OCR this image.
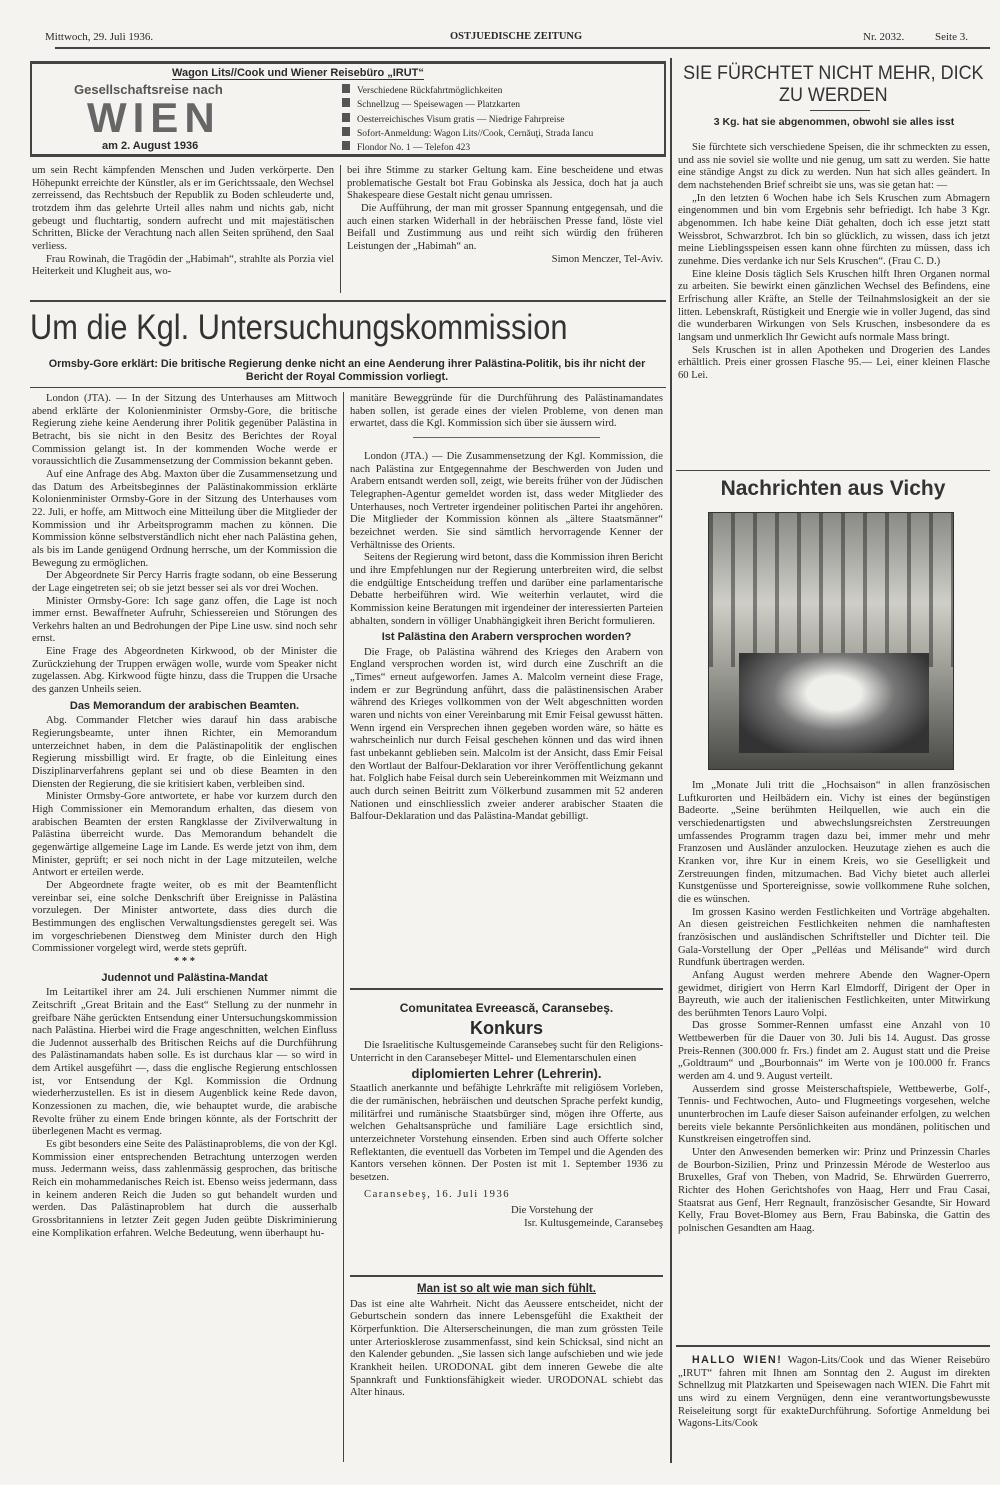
Mittwoch, 29. Juli 1936.	OSTJUEDISCHE ZEITUNG	Nr. 2032.	Seite 3.
Wagon Lits//Cook und Wiener Reisebüro „IRUT“
Gesellschaftsreise nach
WIEN
am 2. August 1936
Verschiedene Rückfahrtmöglichkeiten
Schnellzug — Speisewagen — Platzkarten
Oesterreichisches Visum gratis — Niedrige Fahrpreise
Sofort-Anmeldung: Wagon Lits//Cook, Cernăuţi, Strada Iancu
Flondor No. 1 — Telefon 423

um sein Recht kämpfenden Menschen und Juden verkörperte. Den Höhepunkt erreichte der Künstler, als er im Gerichtssaale, den Wechsel zerreissend, das Rechtsbuch der Republik zu Boden schleuderte und, trotzdem ihm das gelehrte Urteil alles nahm und nichts gab, nicht gebeugt und fluchtartig, sondern aufrecht und mit majestätischen Schritten, Blicke der Verachtung nach allen Seiten sprühend, den Saal verliess.

Frau Rowinah, die Tragödin der „Habimah“, strahlte als Porzia viel Heiterkeit und Klugheit aus, wo-

bei ihre Stimme zu starker Geltung kam. Eine bescheidene und etwas problematische Gestalt bot Frau Gobinska als Jessica, doch hat ja auch Shakespeare diese Gestalt nicht genau umrissen.

Die Aufführung, der man mit grosser Spannung entgegensah, und die auch einen starken Widerhall in der hebräischen Presse fand, löste viel Beifall und Zustimmung aus und reiht sich würdig den früheren Leistungen der „Habimah“ an.

Simon Menczer, Tel-Aviv.

Um die Kgl. Untersuchungskommission
Ormsby-Gore erklärt: Die britische Regierung denke nicht an eine Aenderung ihrer Palästina-Politik, bis ihr nicht der Bericht der Royal Commission vorliegt.

London (JTA). — In der Sitzung des Unterhauses am Mittwoch abend erklärte der Kolonienminister Ormsby-Gore, die britische Regierung ziehe keine Aenderung ihrer Politik gegenüber Palästina in Betracht, bis sie nicht in den Besitz des Berichtes der Royal Commission gelangt ist. In der kommenden Woche werde er voraussichtlich die Zusammensetzung der Commission bekannt geben.

Auf eine Anfrage des Abg. Maxton über die Zusammensetzung und das Datum des Arbeitsbeginnes der Palästinakommission erklärte Kolonienminister Ormsby-Gore in der Sitzung des Unterhauses vom 22. Juli, er hoffe, am Mittwoch eine Mitteilung über die Mitglieder der Kommission und ihr Arbeitsprogramm machen zu können. Die Kommission könne selbstverständlich nicht eher nach Palästina gehen, als bis im Lande genügend Ordnung herrsche, um der Kommission die Bewegung zu ermöglichen.

Der Abgeordnete Sir Percy Harris fragte sodann, ob eine Besserung der Lage eingetreten sei; ob sie jetzt besser sei als vor drei Wochen.

Minister Ormsby-Gore: Ich sage ganz offen, die Lage ist noch immer ernst. Bewaffneter Aufruhr, Schiessereien und Störungen des Verkehrs halten an und Bedrohungen der Pipe Line usw. sind noch sehr ernst.

Eine Frage des Abgeordneten Kirkwood, ob der Minister die Zurückziehung der Truppen erwägen wolle, wurde vom Speaker nicht zugelassen. Abg. Kirkwood fügte hinzu, dass die Truppen die Ursache des ganzen Unheils seien.

Das Memorandum der arabischen Beamten.

Abg. Commander Fletcher wies darauf hin dass arabische Regierungsbeamte, unter ihnen Richter, ein Memorandum unterzeichnet haben, in dem die Palästinapolitik der englischen Regierung missbilligt wird. Er fragte, ob die Einleitung eines Disziplinarverfahrens geplant sei und ob diese Beamten in den Diensten der Regierung, die sie kritisiert kaben, verbleiben sind.

Minister Ormsby-Gore antwortete, er habe vor kurzem durch den High Commissioner ein Memorandum erhalten, das diesem von arabischen Beamten der ersten Rangklasse der Zivilverwaltung in Palästina überreicht wurde. Das Memorandum behandelt die gegenwärtige allgemeine Lage im Lande. Es werde jetzt von ihm, dem Minister, geprüft; er sei noch nicht in der Lage mitzuteilen, welche Antwort er erteilen werde.

Der Abgeordnete fragte weiter, ob es mit der Beamtenflicht vereinbar sei, eine solche Denkschrift über Ereignisse in Palästina vorzulegen. Der Minister antwortete, dass dies durch die Bestimmungen des englischen Verwaltungsdienstes geregelt sei. Was im vorgeschriebenen Dienstweg dem Minister durch den High Commissioner vorgelegt wird, werde stets geprüft.

* * *
Judennot und Palästina-Mandat

Im Leitartikel ihrer am 24. Juli erschienen Nummer nimmt die Zeitschrift „Great Britain and the East“ Stellung zu der nunmehr in greifbare Nähe gerückten Entsendung einer Untersuchungskommission nach Palästina. Hierbei wird die Frage angeschnitten, welchen Einfluss die Judennot ausserhalb des Britischen Reichs auf die Durchführung des Palästinamandats haben solle. Es ist durchaus klar — so wird in dem Artikel ausgeführt —, dass die englische Regierung entschlossen ist, vor Entsendung der Kgl. Kommission die Ordnung wiederherzustellen. Es ist in diesem Augenblick keine Rede davon, Konzessionen zu machen, die, wie behauptet wurde, die arabische Revolte früher zu einem Ende bringen könnte, als der Fortschritt der überlegenen Macht es vermag.

Es gibt besonders eine Seite des Palästinaproblems, die von der Kgl. Kommission einer entsprechenden Betrachtung unterzogen werden muss. Jedermann weiss, dass zahlenmässig gesprochen, das britische Reich ein mohammedanisches Reich ist. Ebenso weiss jedermann, dass in keinem anderen Reich die Juden so gut behandelt wurden und werden. Das Palästinaproblem hat durch die ausserhalb Grossbritanniens in letzter Zeit gegen Juden geübte Diskriminierung eine Komplikation erfahren. Welche Bedeutung, wenn überhaupt hu-

manitäre Beweggründe für die Durchführung des Palästinamandates haben sollen, ist gerade eines der vielen Probleme, von denen man erwartet, dass die Kgl. Kommission sich über sie äussern wird.

London (JTA.) — Die Zusammensetzung der Kgl. Kommission, die nach Palästina zur Entgegennahme der Beschwerden von Juden und Arabern entsandt werden soll, zeigt, wie bereits früher von der Jüdischen Telegraphen-Agentur gemeldet worden ist, dass weder Mitglieder des Unterhauses, noch Vertreter irgendeiner politischen Partei ihr angehören. Die Mitglieder der Kommission können als „ältere Staatsmänner“ bezeichnet werden. Sie sind sämtlich hervorragende Kenner der Verhältnisse des Orients.

Seitens der Regierung wird betont, dass die Kommission ihren Bericht und ihre Empfehlungen nur der Regierung unterbreiten wird, die selbst die endgültige Entscheidung treffen und darüber eine parlamentarische Debatte herbeiführen wird. Wie weiterhin verlautet, wird die Kommission keine Beratungen mit irgendeiner der interessierten Parteien abhalten, sondern in völliger Unabhängigkeit ihren Bericht formulieren.

Ist Palästina den Arabern versprochen worden?

Die Frage, ob Palästina während des Krieges den Arabern von England versprochen worden ist, wird durch eine Zuschrift an die „Times“ erneut aufgeworfen. James A. Malcolm verneint diese Frage, indem er zur Begründung anführt, dass die palästinensischen Araber während des Krieges vollkommen von der Welt abgeschnitten worden waren und nichts von einer Vereinbarung mit Emir Feisal gewusst hätten. Wenn irgend ein Versprechen ihnen gegeben worden wäre, so hätte es wahrscheinlich nur durch Feisal geschehen können und das wird ihnen fast unbekannt geblieben sein. Malcolm ist der Ansicht, dass Emir Feisal den Wortlaut der Balfour-Deklaration vor ihrer Veröffentlichung gekannt hat. Folglich habe Feisal durch sein Uebereinkommen mit Weizmann und auch durch seinen Beitritt zum Völkerbund zusammen mit 52 anderen Nationen und einschliesslich zweier anderer arabischer Staaten die Balfour-Deklaration und das Palästina-Mandat gebilligt.

Comunitatea Evreească, Caransebeş.
Konkurs

Die Israelitische Kultusgemeinde Caransebeş sucht für den Religions-Unterricht in den Caransebeşer Mittel- und Elementarschulen einen

diplomierten Lehrer (Lehrerin).

Staatlich anerkannte und befähigte Lehrkräfte mit religiösem Vorleben, die der rumänischen, hebräischen und deutschen Sprache perfekt kundig, militärfrei und rumänische Staatsbürger sind, mögen ihre Offerte, aus welchen Gehaltsansprüche und familiäre Lage ersichtlich sind, unterzeichneter Vorstehung einsenden. Erben sind auch Offerte solcher Reflektanten, die eventuell das Vorbeten im Tempel und die Agenden des Kantors versehen können. Der Posten ist mit 1. September 1936 zu besetzen.

Caransebeş, 16. Juli 1936

Die Vorstehung der

Isr. Kultusgemeinde, Caransebeş

Man ist so alt wie man sich fühlt.

Das ist eine alte Wahrheit. Nicht das Aeussere entscheidet, nicht der Geburtschein sondern das innere Lebensgefühl die Exaktheit der Körperfunktion. Die Alterserscheinungen, die man zum grössten Teile unter Arteriosklerose zusammenfasst, sind kein Schicksal, sind nicht an den Kalender gebunden. „Sie lassen sich lange aufschieben und wie jede Krankheit heilen. URODONAL gibt dem inneren Gewebe die alte Spannkraft und Funktionsfähigkeit wieder. URODONAL schiebt das Alter hinaus.

SIE FÜRCHTET NICHT MEHR, DICK ZU WERDEN
3 Kg. hat sie abgenommen, obwohl sie alles isst

Sie fürchtete sich verschiedene Speisen, die ihr schmeckten zu essen, und ass nie soviel sie wollte und nie genug, um satt zu werden. Sie hatte eine ständige Angst zu dick zu werden. Nun hat sich alles geändert. In dem nachstehenden Brief schreibt sie uns, was sie getan hat: —

„In den letzten 6 Wochen habe ich Sels Kruschen zum Abmagern eingenommen und bin vom Ergebnis sehr befriedigt. Ich habe 3 Kgr. abgenommen. Ich habe keine Diät gehalten, doch ich esse jetzt statt Weissbrot, Schwarzbrot. Ich bin so glücklich, zu wissen, dass ich jetzt meine Lieblingsspeisen essen kann ohne fürchten zu müssen, dass ich zunehme. Dies verdanke ich nur Sels Kruschen“. (Frau C. D.)

Eine kleine Dosis täglich Sels Kruschen hilft Ihren Organen normal zu arbeiten. Sie bewirkt einen gänzlichen Wechsel des Befindens, eine Erfrischung aller Kräfte, an Stelle der Teilnahmslosigkeit an der sie litten. Lebenskraft, Rüstigkeit und Energie wie in voller Jugend, das sind die wunderbaren Wirkungen von Sels Kruschen, insbesondere da es langsam und unmerklich Ihr Gewicht aufs normale Mass bringt.

Sels Kruschen ist in allen Apotheken und Drogerien des Landes erhältlich. Preis einer grossen Flasche 95.— Lei, einer kleinen Flasche 60 Lei.

Nachrichten aus Vichy

Im „Monate Juli tritt die „Hochsaison“ in allen französischen Luftkurorten und Heilbädern ein. Vichy ist eines der begünstigen Badeorte. „Seine berühmten Heilquellen, wie auch ein die verschiedenartigsten und abwechslungsreichsten Zerstreuungen umfassendes Programm tragen dazu bei, immer mehr und mehr Franzosen und Ausländer anzulocken. Heuzutage ziehen es auch die Kranken vor, ihre Kur in einem Kreis, wo sie Geselligkeit und Zerstreuungen finden, mitzumachen. Bad Vichy bietet auch allerlei Kunstgenüsse und Sportereignisse, sowie vollkommene Ruhe solchen, die es wünschen.

Im grossen Kasino werden Festlichkeiten und Vorträge abgehalten. An diesen geistreichen Festlichkeiten nehmen die namhaftesten französischen und ausländischen Schriftsteller und Dichter teil. Die Gala-Vorstellung der Oper „Pelléas und Mélisande“ wird durch Rundfunk übertragen werden.

Anfang August werden mehrere Abende den Wagner-Opern gewidmet, dirigiert von Herrn Karl Elmdorff, Dirigent der Oper in Bayreuth, wie auch der italienischen Festlichkeiten, unter Mitwirkung des berühmten Tenors Lauro Volpi.

Das grosse Sommer-Rennen umfasst eine Anzahl von 10 Wettbewerben für die Dauer von 30. Juli bis 14. August. Das grosse Preis-Rennen (300.000 fr. Frs.) findet am 2. August statt und die Preise „Goldtraum“ und „Bourbonnais“ im Werte von je 100.000 fr. Francs werden am 4. und 9. August verteilt.

Ausserdem sind grosse Meisterschaftspiele, Wettbewerbe, Golf-, Tennis- und Fechtwochen, Auto- und Flugmeetings vorgesehen, welche ununterbrochen im Laufe dieser Saison aufeinander erfolgen, zu welchen bereits viele bekannte Persönlichkeiten aus mondänen, politischen und Kunstkreisen eingetroffen sind.

Unter den Anwesenden bemerken wir: Prinz und Prinzessin Charles de Bourbon-Sizilien, Prinz und Prinzessin Mérode de Westerloo aus Bruxelles, Graf von Theben, von Madrid, Se. Ehrwürden Guerrerro, Richter des Hohen Gerichtshofes von Haag, Herr und Frau Casai, Staatsrat aus Genf, Herr Regnault, französischer Gesandte, Sir Howard Kelly, Frau Bovet-Blomey aus Bern, Frau Babinska, die Gattin des polnischen Gesandten am Haag.

HALLO WIEN! Wagon-Lits/Cook und das Wiener Reisebüro „IRUT“ fahren mit Ihnen am Sonntag den 2. August im direkten Schnellzug mit Platzkarten und Speisewagen nach WIEN. Die Fahrt mit uns wird zu einem Vergnügen, denn eine verantwortungsbewusste Reiseleitung sorgt für exakteDurchführung. Sofortige Anmeldung bei Wagons-Lits/Cook
